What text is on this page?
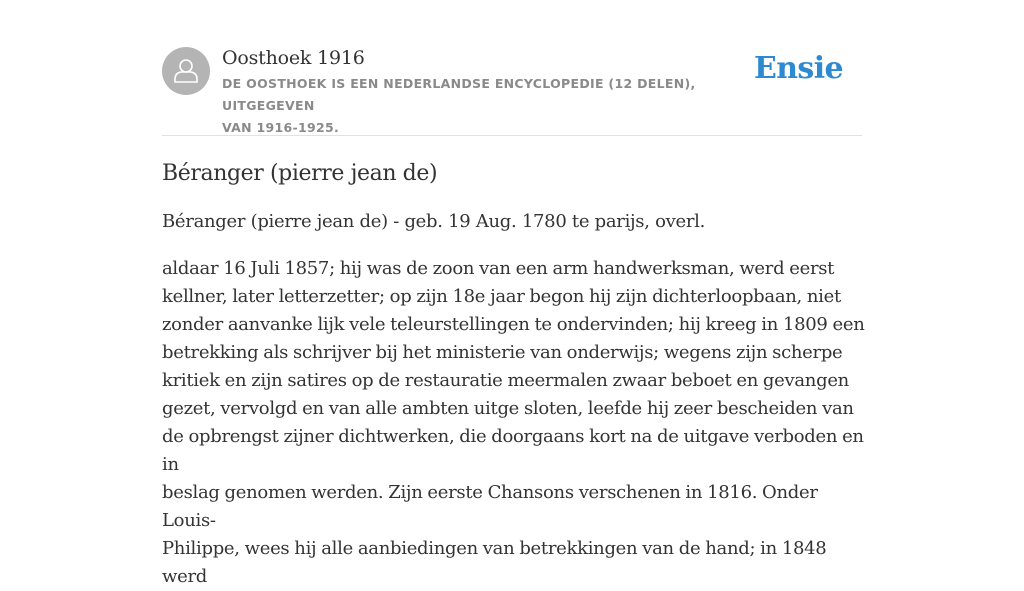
Oosthoek 1916
DE OOSTHOEK IS EEN NEDERLANDSE ENCYCLOPEDIE (12 DELEN), UITGEGEVEN
VAN 1916-1925.
Ensie
Béranger (pierre jean de)

Béranger (pierre jean de) - geb. 19 Aug. 1780 te parijs, overl.

aldaar 16 Juli 1857; hij was de zoon van een arm handwerksman, werd eerst
kellner, later letterzetter; op zijn 18e jaar begon hij zijn dichterloopbaan, niet
zonder aanvanke lijk vele teleurstellingen te ondervinden; hij kreeg in 1809 een
betrekking als schrijver bij het ministerie van onderwijs; wegens zijn scherpe
kritiek en zijn satires op de restauratie meermalen zwaar beboet en gevangen
gezet, vervolgd en van alle ambten uitge sloten, leefde hij zeer bescheiden van
de opbrengst zijner dichtwerken, die doorgaans kort na de uitgave verboden en in
beslag genomen werden. Zijn eerste Chansons verschenen in 1816. Onder Louis-
Philippe, wees hij alle aanbiedingen van betrekkingen van de hand; in 1848 werd
